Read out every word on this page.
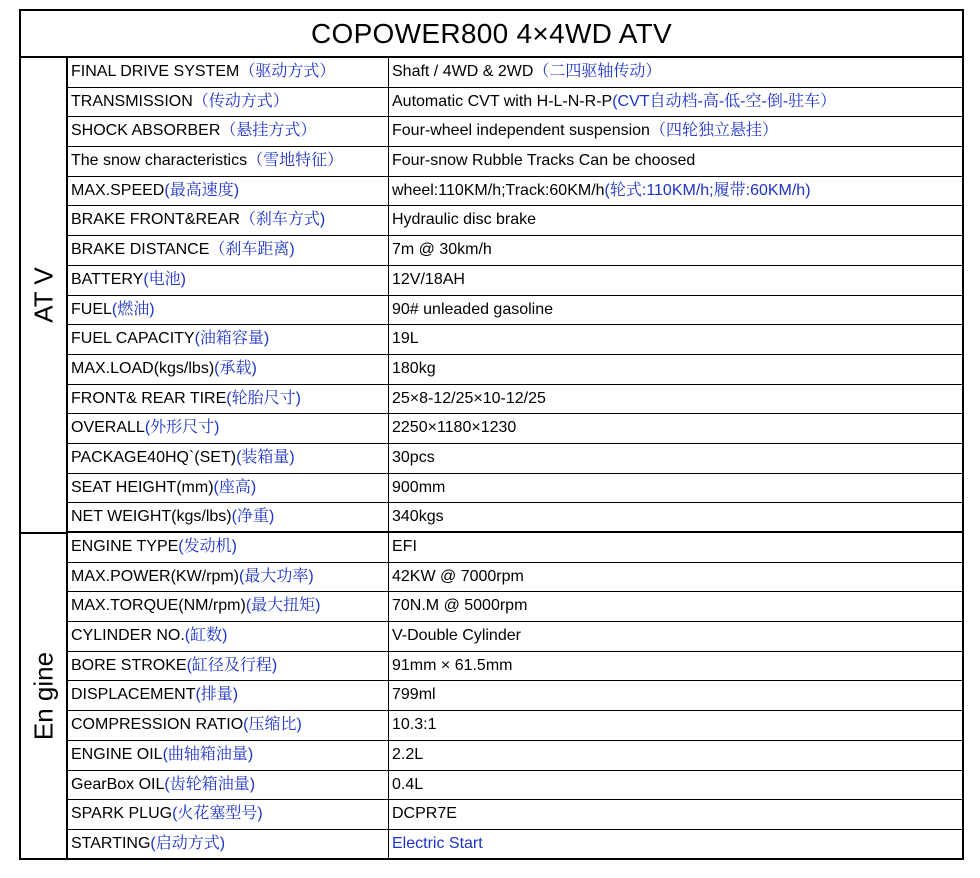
COPOWER800 4×4WD ATV
AT V
En gine
FINAL DRIVE SYSTEM（驱动方式）	Shaft / 4WD & 2WD（二四驱轴传动）
TRANSMISSION（传动方式）	Automatic CVT with H-L-N-R-P(CVT自动档-高-低-空-倒-驻车）
SHOCK ABSORBER（悬挂方式）	Four-wheel independent suspension（四轮独立悬挂）
The snow characteristics（雪地特征）	Four-snow Rubble Tracks Can be choosed
MAX.SPEED(最高速度)	wheel:110KM/h;Track:60KM/h(轮式:110KM/h;履带:60KM/h)
BRAKE FRONT&REAR（刹车方式)	Hydraulic disc brake
BRAKE DISTANCE（刹车距离)	7m @ 30km/h
BATTERY(电池)	12V/18AH
FUEL(燃油)	90# unleaded gasoline
FUEL CAPACITY(油箱容量)	19L
MAX.LOAD(kgs/lbs)(承载)	180kg
FRONT& REAR TIRE(轮胎尺寸)	25×8-12/25×10-12/25
OVERALL(外形尺寸)	2250×1180×1230
PACKAGE40HQ`(SET)(装箱量)	30pcs
SEAT HEIGHT(mm)(座高)	900mm
NET WEIGHT(kgs/lbs)(净重)	340kgs
ENGINE TYPE(发动机)	EFI
MAX.POWER(KW/rpm)(最大功率)	42KW @ 7000rpm
MAX.TORQUE(NM/rpm)(最大扭矩)	70N.M @ 5000rpm
CYLINDER NO.(缸数)	V-Double Cylinder
BORE STROKE(缸径及行程)	91mm × 61.5mm
DISPLACEMENT(排量)	799ml
COMPRESSION RATIO(压缩比)	10.3:1
ENGINE OIL(曲轴箱油量)	2.2L
GearBox OIL(齿轮箱油量)	0.4L
SPARK PLUG(火花塞型号)	DCPR7E
STARTING(启动方式)	Electric Start
